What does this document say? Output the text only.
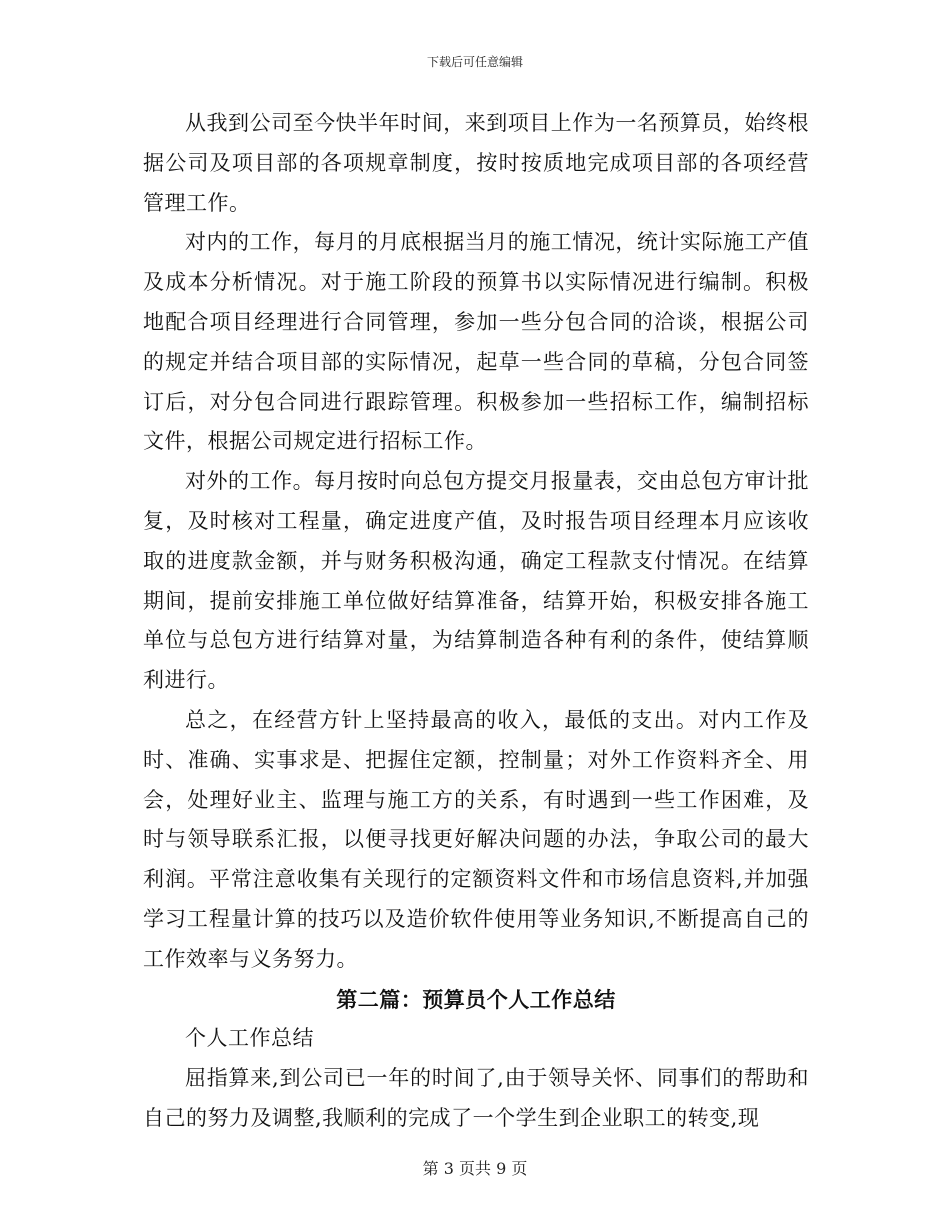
下载后可任意编辑

从我到公司至今快半年时间，来到项目上作为一名预算员，始终根据公司及项目部的各项规章制度，按时按质地完成项目部的各项经营管理工作。

对内的工作，每月的月底根据当月的施工情况，统计实际施工产值及成本分析情况。对于施工阶段的预算书以实际情况进行编制。积极地配合项目经理进行合同管理，参加一些分包合同的洽谈，根据公司的规定并结合项目部的实际情况，起草一些合同的草稿，分包合同签订后，对分包合同进行跟踪管理。积极参加一些招标工作，编制招标文件，根据公司规定进行招标工作。

对外的工作。每月按时向总包方提交月报量表，交由总包方审计批复，及时核对工程量，确定进度产值，及时报告项目经理本月应该收取的进度款金额，并与财务积极沟通，确定工程款支付情况。在结算期间，提前安排施工单位做好结算准备，结算开始，积极安排各施工单位与总包方进行结算对量，为结算制造各种有利的条件，使结算顺利进行。

总之，在经营方针上坚持最高的收入，最低的支出。对内工作及时、准确、实事求是、把握住定额，控制量；对外工作资料齐全、用会，处理好业主、监理与施工方的关系，有时遇到一些工作困难，及时与领导联系汇报，以便寻找更好解决问题的办法，争取公司的最大利润。平常注意收集有关现行的定额资料文件和市场信息资料,并加强学习工程量计算的技巧以及造价软件使用等业务知识,不断提高自己的工作效率与义务努力。

第二篇：预算员个人工作总结

个人工作总结

屈指算来,到公司已一年的时间了,由于领导关怀、同事们的帮助和自己的努力及调整,我顺利的完成了一个学生到企业职工的转变,现

第 3 页共 9 页
